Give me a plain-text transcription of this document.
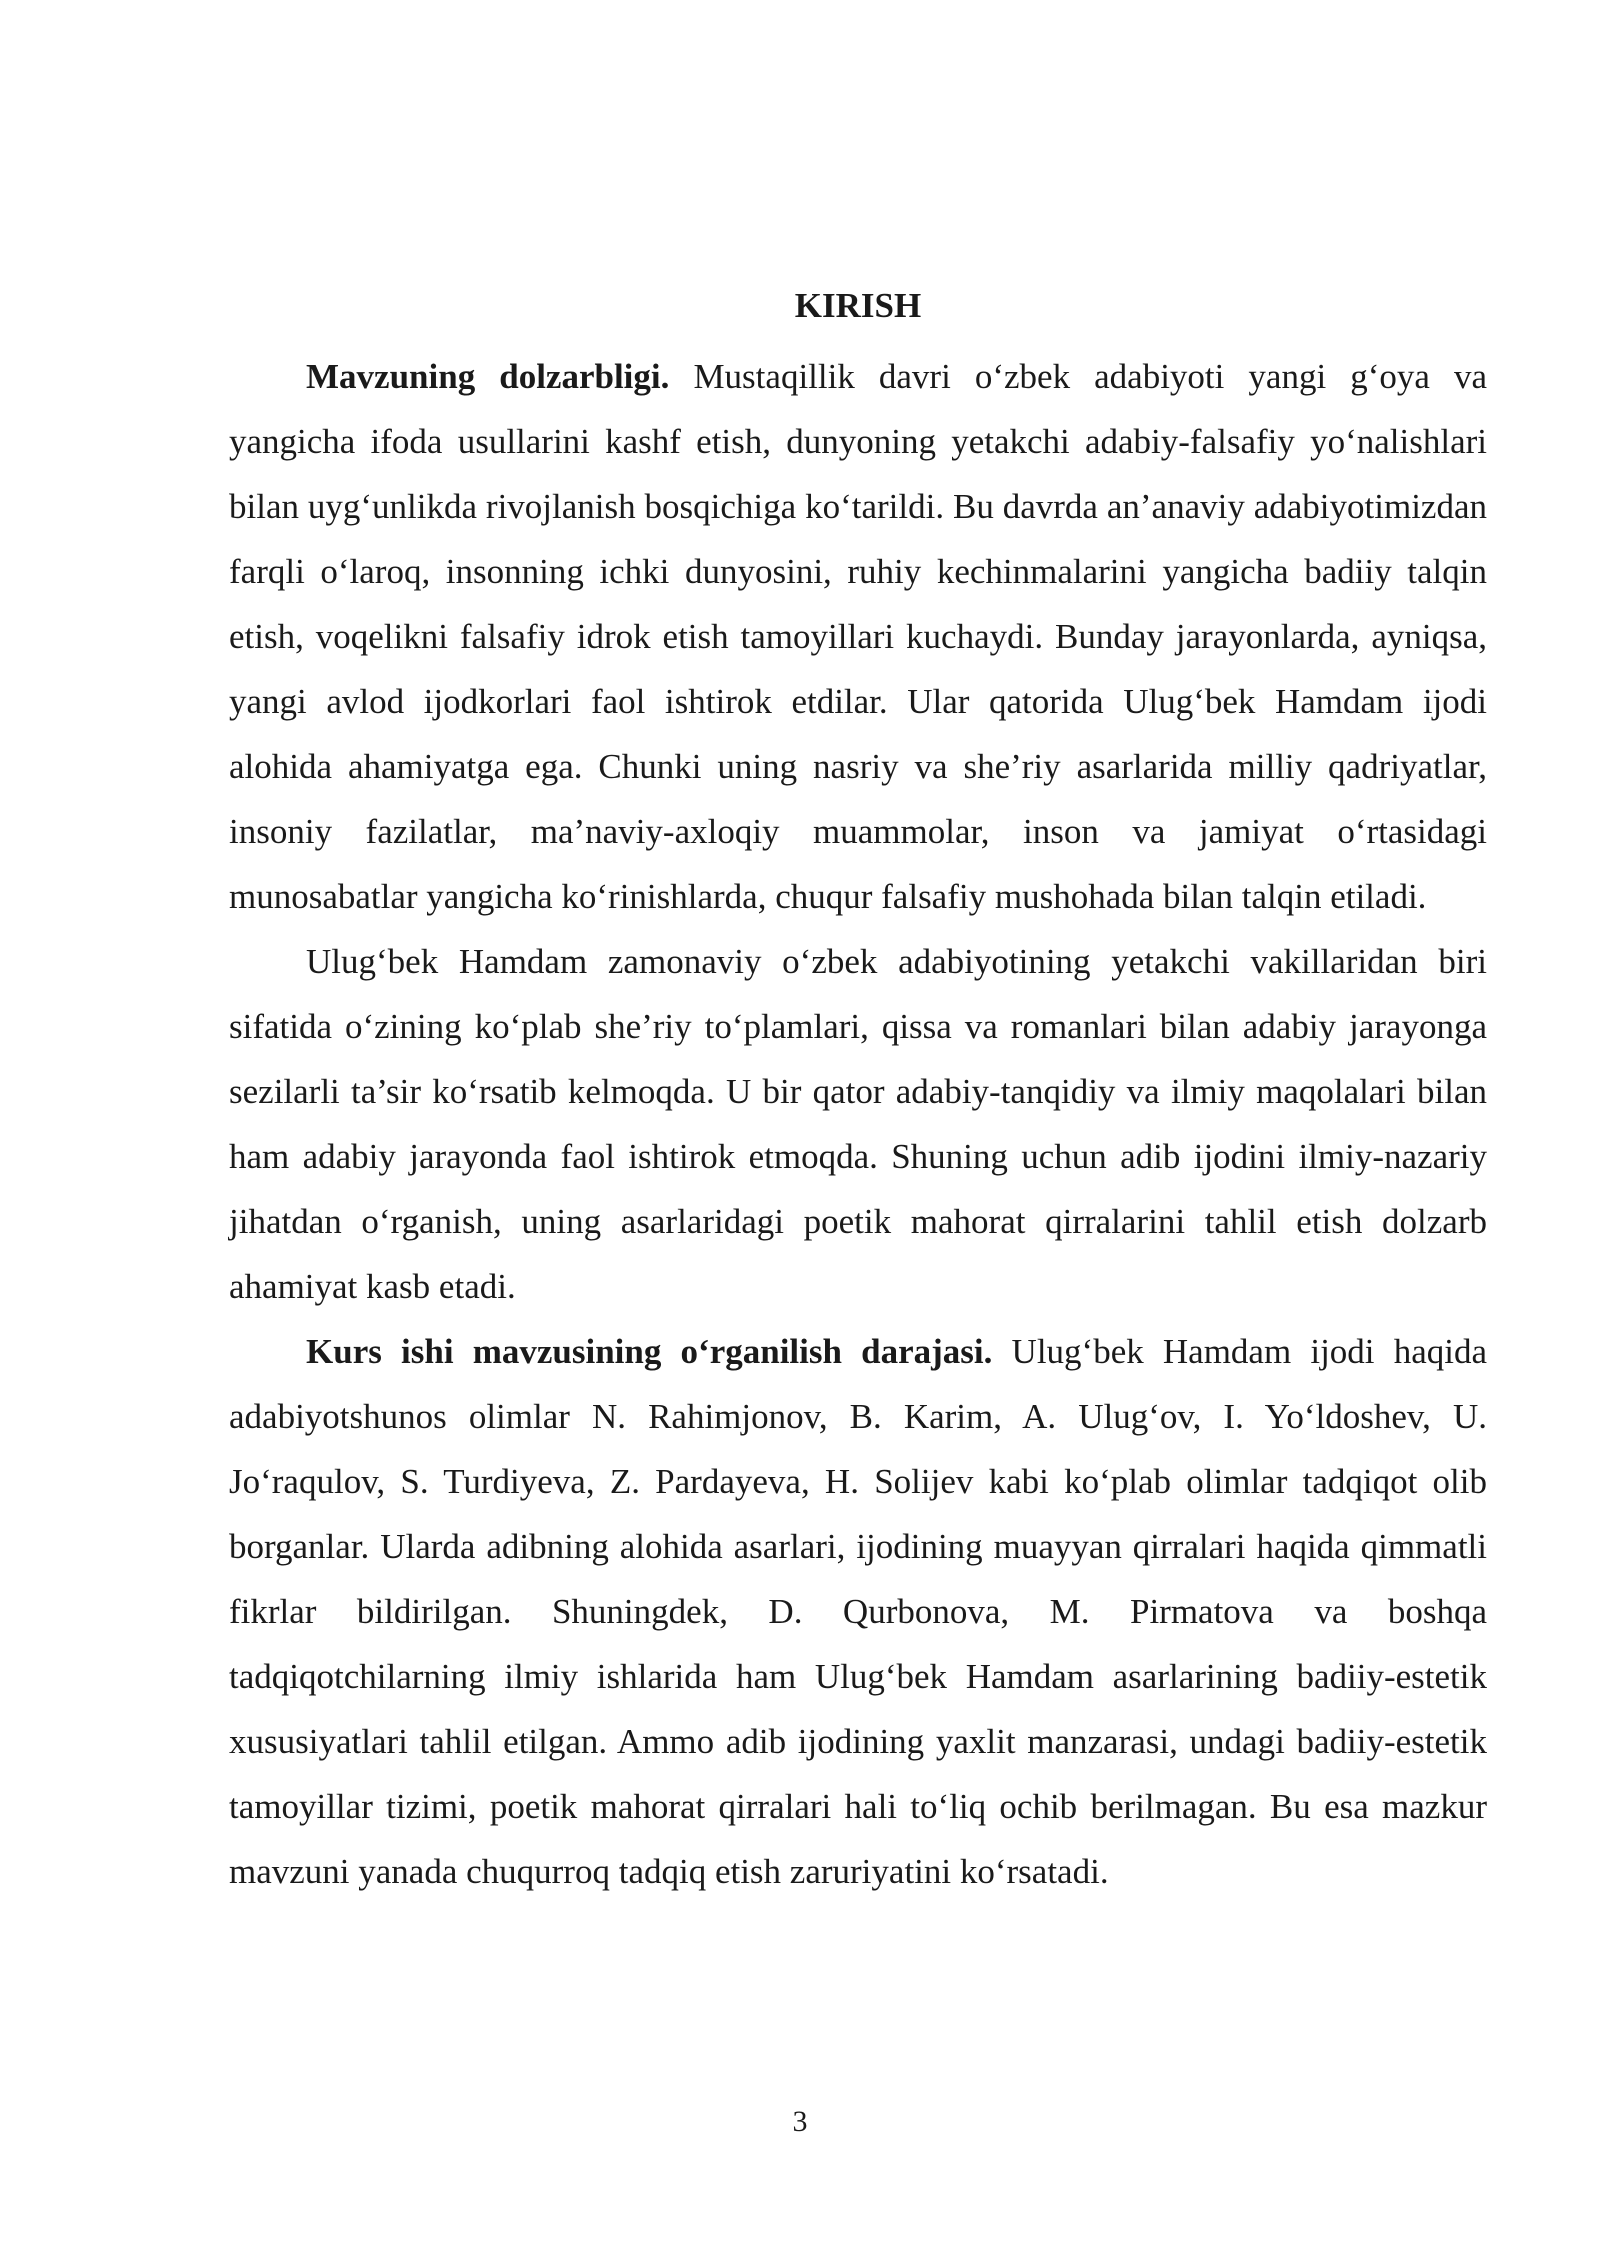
KIRISH

Mavzuning dolzarbligi. Mustaqillik davri o‘zbek adabiyoti yangi g‘oya va yangicha ifoda usullarini kashf etish, dunyoning yetakchi adabiy-falsafiy yo‘nalishlari bilan uyg‘unlikda rivojlanish bosqichiga ko‘tarildi. Bu davrda an’anaviy adabiyotimizdan farqli o‘laroq, insonning ichki dunyosini, ruhiy kechinmalarini yangicha badiiy talqin etish, voqelikni falsafiy idrok etish tamoyillari kuchaydi. Bunday jarayonlarda, ayniqsa, yangi avlod ijodkorlari faol ishtirok etdilar. Ular qatorida Ulug‘bek Hamdam ijodi alohida ahamiyatga ega. Chunki uning nasriy va she’riy asarlarida milliy qadriyatlar, insoniy fazilatlar, ma’naviy-axloqiy muammolar, inson va jamiyat o‘rtasidagi munosabatlar yangicha ko‘rinishlarda, chuqur falsafiy mushohada bilan talqin etiladi.

Ulug‘bek Hamdam zamonaviy o‘zbek adabiyotining yetakchi vakillaridan biri sifatida o‘zining ko‘plab she’riy to‘plamlari, qissa va romanlari bilan adabiy jarayonga sezilarli ta’sir ko‘rsatib kelmoqda. U bir qator adabiy-tanqidiy va ilmiy maqolalari bilan ham adabiy jarayonda faol ishtirok etmoqda. Shuning uchun adib ijodini ilmiy-nazariy jihatdan o‘rganish, uning asarlaridagi poetik mahorat qirralarini tahlil etish dolzarb ahamiyat kasb etadi.

Kurs ishi mavzusining o‘rganilish darajasi. Ulug‘bek Hamdam ijodi haqida adabiyotshunos olimlar N. Rahimjonov, B. Karim, A. Ulug‘ov, I. Yo‘ldoshev, U. Jo‘raqulov, S. Turdiyeva, Z. Pardayeva, H. Solijev kabi ko‘plab olimlar tadqiqot olib borganlar. Ularda adibning alohida asarlari, ijodining muayyan qirralari haqida qimmatli fikrlar bildirilgan. Shuningdek, D. Qurbonova, M. Pirmatova va boshqa tadqiqotchilarning ilmiy ishlarida ham Ulug‘bek Hamdam asarlarining badiiy-estetik xususiyatlari tahlil etilgan. Ammo adib ijodining yaxlit manzarasi, undagi badiiy-estetik tamoyillar tizimi, poetik mahorat qirralari hali to‘liq ochib berilmagan. Bu esa mazkur mavzuni yanada chuqurroq tadqiq etish zaruriyatini ko‘rsatadi.

3
